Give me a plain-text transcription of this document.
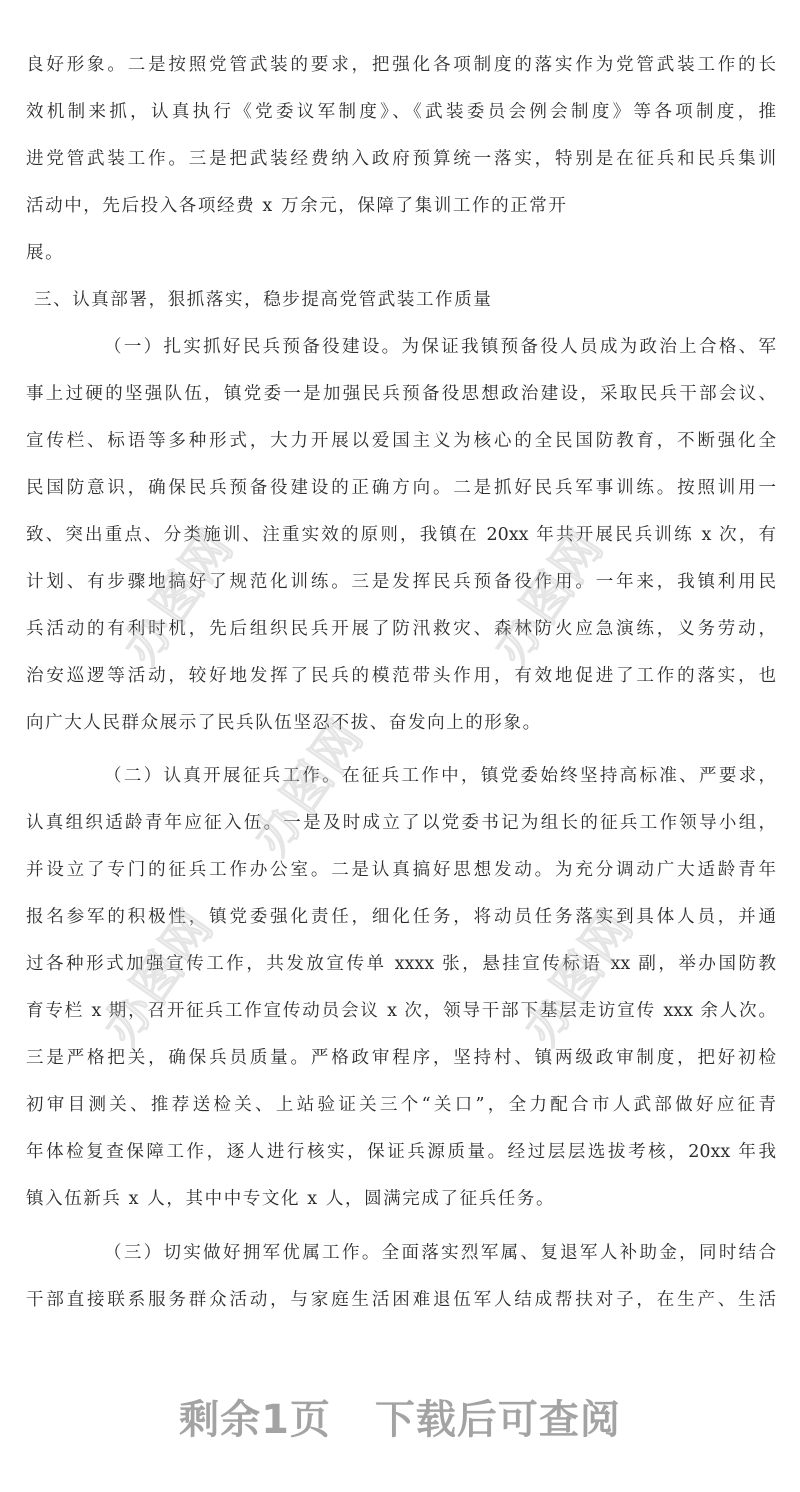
良好形象。二是按照党管武装的要求，把强化各项制度的落实作为党管武装工作的长
效机制来抓，认真执行《党委议军制度》、《武装委员会例会制度》等各项制度，推
进党管武装工作。三是把武装经费纳入政府预算统一落实，特别是在征兵和民兵集训
活动中，先后投入各项经费 x 万余元，保障了集训工作的正常开
展。
三、认真部署，狠抓落实，稳步提高党管武装工作质量
（一）扎实抓好民兵预备役建设。为保证我镇预备役人员成为政治上合格、军
事上过硬的坚强队伍，镇党委一是加强民兵预备役思想政治建设，采取民兵干部会议、
宣传栏、标语等多种形式，大力开展以爱国主义为核心的全民国防教育，不断强化全
民国防意识，确保民兵预备役建设的正确方向。二是抓好民兵军事训练。按照训用一
致、突出重点、分类施训、注重实效的原则，我镇在 20xx 年共开展民兵训练 x 次，有
计划、有步骤地搞好了规范化训练。三是发挥民兵预备役作用。一年来，我镇利用民
兵活动的有利时机，先后组织民兵开展了防汛救灾、森林防火应急演练，义务劳动，
治安巡逻等活动，较好地发挥了民兵的模范带头作用，有效地促进了工作的落实，也
向广大人民群众展示了民兵队伍坚忍不拔、奋发向上的形象。
（二）认真开展征兵工作。在征兵工作中，镇党委始终坚持高标准、严要求，
认真组织适龄青年应征入伍。一是及时成立了以党委书记为组长的征兵工作领导小组，
并设立了专门的征兵工作办公室。二是认真搞好思想发动。为充分调动广大适龄青年
报名参军的积极性，镇党委强化责任，细化任务，将动员任务落实到具体人员，并通
过各种形式加强宣传工作，共发放宣传单 xxxx 张，悬挂宣传标语 xx 副，举办国防教
育专栏 x 期，召开征兵工作宣传动员会议 x 次，领导干部下基层走访宣传 xxx 余人次。
三是严格把关，确保兵员质量。严格政审程序，坚持村、镇两级政审制度，把好初检
初审目测关、推荐送检关、上站验证关三个“关口”，全力配合市人武部做好应征青
年体检复查保障工作，逐人进行核实，保证兵源质量。经过层层选拔考核，20xx 年我
镇入伍新兵 x 人，其中中专文化 x 人，圆满完成了征兵任务。
（三）切实做好拥军优属工作。全面落实烈军属、复退军人补助金，同时结合
干部直接联系服务群众活动，与家庭生活困难退伍军人结成帮扶对子，在生产、生活
办图网	办图网
办图网	办图网
办图网
剩余1页 下载后可查阅
